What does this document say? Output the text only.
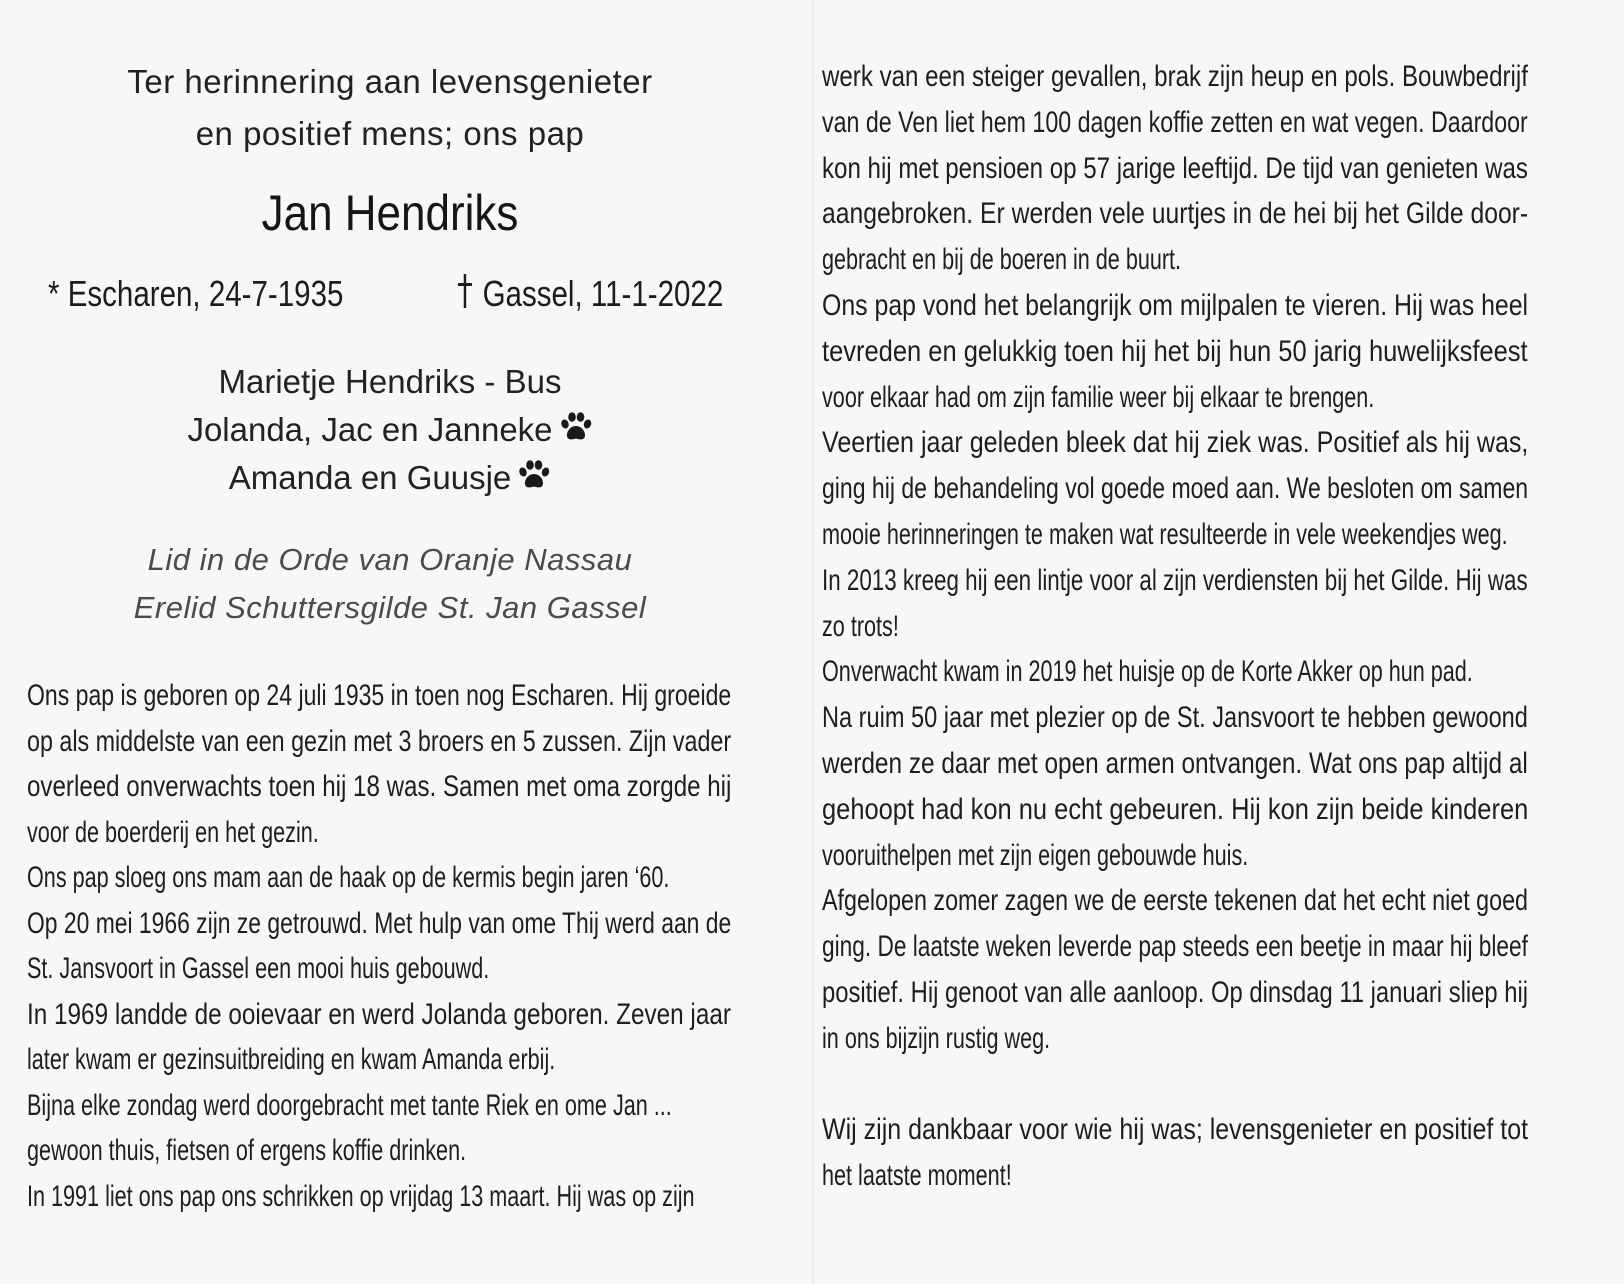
Ter herinnering aan levensgenieter
en positief mens; ons pap
Jan Hendriks
* Escharen, 24-7-1935	Gassel, 11-1-2022
Marietje Hendriks - Bus
Jolanda, Jac en Janneke
Amanda en Guusje
Lid in de Orde van Oranje Nassau
Erelid Schuttersgilde St. Jan Gassel
Ons pap is geboren op 24 juli 1935 in toen nog Escharen. Hij groeide
op als middelste van een gezin met 3 broers en 5 zussen. Zijn vader
overleed onverwachts toen hij 18 was. Samen met oma zorgde hij
voor de boerderij en het gezin.
Ons pap sloeg ons mam aan de haak op de kermis begin jaren ‘60.
Op 20 mei 1966 zijn ze getrouwd. Met hulp van ome Thij werd aan de
St. Jansvoort in Gassel een mooi huis gebouwd.
In 1969 landde de ooievaar en werd Jolanda geboren. Zeven jaar
later kwam er gezinsuitbreiding en kwam Amanda erbij.
Bijna elke zondag werd doorgebracht met tante Riek en ome Jan ...
gewoon thuis, fietsen of ergens koffie drinken.
In 1991 liet ons pap ons schrikken op vrijdag 13 maart. Hij was op zijn
werk van een steiger gevallen, brak zijn heup en pols. Bouwbedrijf
van de Ven liet hem 100 dagen koffie zetten en wat vegen. Daardoor
kon hij met pensioen op 57 jarige leeftijd. De tijd van genieten was
aangebroken. Er werden vele uurtjes in de hei bij het Gilde door-
gebracht en bij de boeren in de buurt.
Ons pap vond het belangrijk om mijlpalen te vieren. Hij was heel
tevreden en gelukkig toen hij het bij hun 50 jarig huwelijksfeest
voor elkaar had om zijn familie weer bij elkaar te brengen.
Veertien jaar geleden bleek dat hij ziek was. Positief als hij was,
ging hij de behandeling vol goede moed aan. We besloten om samen
mooie herinneringen te maken wat resulteerde in vele weekendjes weg.
In 2013 kreeg hij een lintje voor al zijn verdiensten bij het Gilde. Hij was
zo trots!
Onverwacht kwam in 2019 het huisje op de Korte Akker op hun pad.
Na ruim 50 jaar met plezier op de St. Jansvoort te hebben gewoond
werden ze daar met open armen ontvangen. Wat ons pap altijd al
gehoopt had kon nu echt gebeuren. Hij kon zijn beide kinderen
vooruithelpen met zijn eigen gebouwde huis.
Afgelopen zomer zagen we de eerste tekenen dat het echt niet goed
ging. De laatste weken leverde pap steeds een beetje in maar hij bleef
positief. Hij genoot van alle aanloop. Op dinsdag 11 januari sliep hij
in ons bijzijn rustig weg.
Wij zijn dankbaar voor wie hij was; levensgenieter en positief tot
het laatste moment!
